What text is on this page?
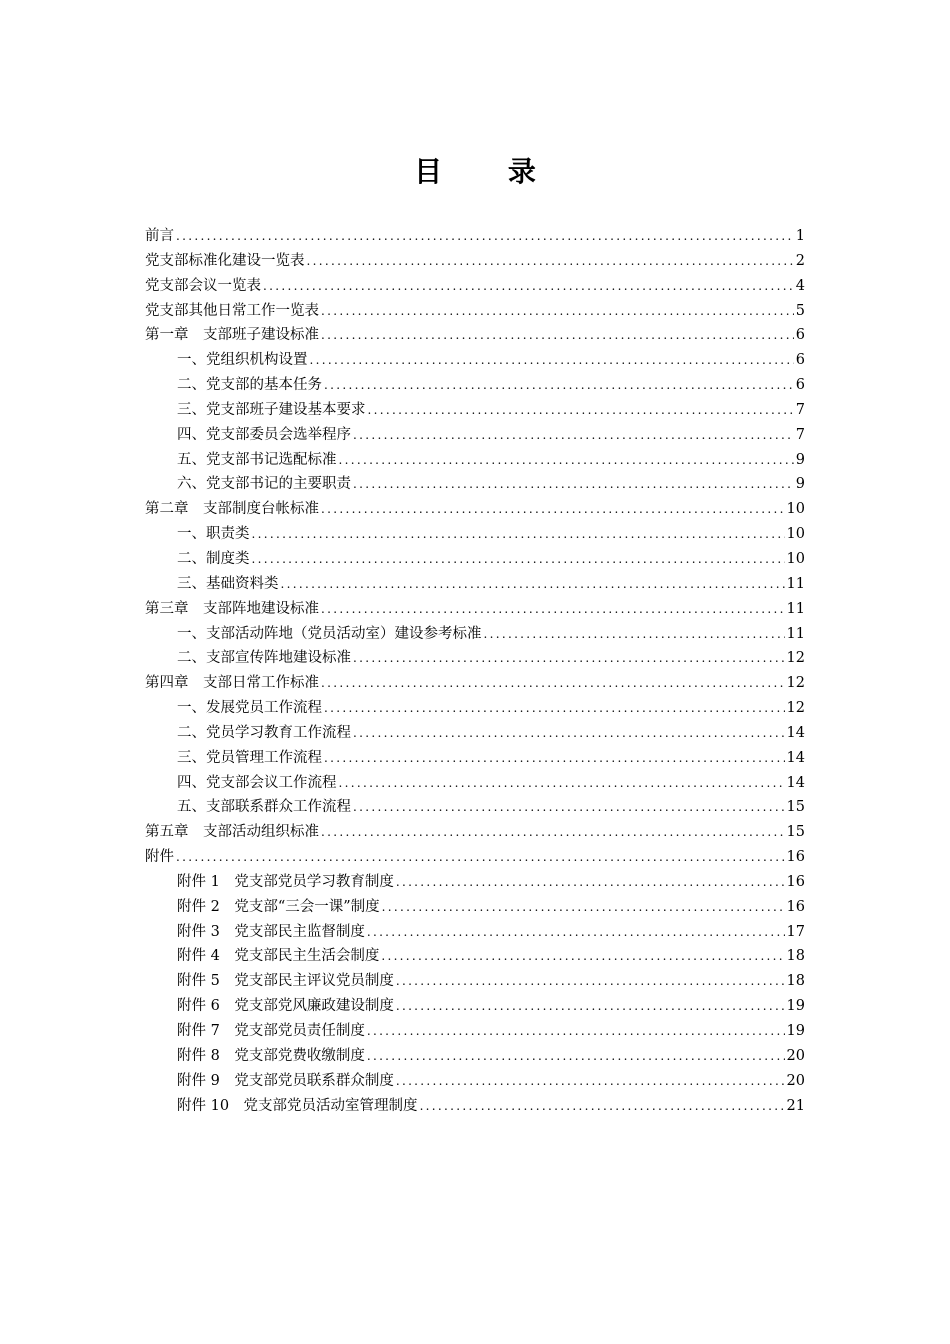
目 录
前言 .....	1
党支部标准化建设一览表 .....	2
党支部会议一览表 .....	4
党支部其他日常工作一览表 .....	5
第一章　支部班子建设标准 .....	6
一、党组织机构设置 .....	6
二、党支部的基本任务 .....	6
三、党支部班子建设基本要求 .....	7
四、党支部委员会选举程序 .....	7
五、党支部书记选配标准 .....	9
六、党支部书记的主要职责 .....	9
第二章　支部制度台帐标准 .....	10
一、职责类 .....	10
二、制度类 .....	10
三、基础资料类 .....	11
第三章　支部阵地建设标准 .....	11
一、支部活动阵地（党员活动室）建设参考标准 .....	11
二、支部宣传阵地建设标准 .....	12
第四章　支部日常工作标准 .....	12
一、发展党员工作流程 .....	12
二、党员学习教育工作流程 .....	14
三、党员管理工作流程 .....	14
四、党支部会议工作流程 .....	14
五、支部联系群众工作流程 .....	15
第五章　支部活动组织标准 .....	15
附件 .....	16
附件 1　党支部党员学习教育制度 .....	16
附件 2　党支部“三会一课”制度 .....	16
附件 3　党支部民主监督制度 .....	17
附件 4　党支部民主生活会制度 .....	18
附件 5　党支部民主评议党员制度 .....	18
附件 6　党支部党风廉政建设制度 .....	19
附件 7　党支部党员责任制度 .....	19
附件 8　党支部党费收缴制度 .....	20
附件 9　党支部党员联系群众制度 .....	20
附件 10　党支部党员活动室管理制度 .....	21
